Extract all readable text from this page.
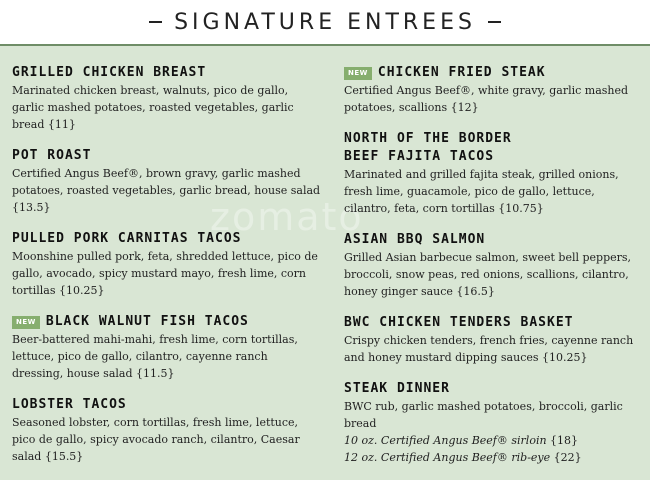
SIGNATURE ENTREES
zomato
GRILLED CHICKEN BREAST
Marinated chicken breast, walnuts, pico de gallo, garlic mashed potatoes, roasted vegetables, garlic bread {11}
POT ROAST
Certified Angus Beef®, brown gravy, garlic mashed potatoes, roasted vegetables, garlic bread, house salad {13.5}
PULLED PORK CARNITAS TACOS
Moonshine pulled pork, feta, shredded lettuce, pico de gallo, avocado, spicy mustard mayo, fresh lime, corn tortillas {10.25}
NEW BLACK WALNUT FISH TACOS
Beer-battered mahi-mahi, fresh lime, corn tortillas, lettuce, pico de gallo, cilantro, cayenne ranch dressing, house salad {11.5}
LOBSTER TACOS
Seasoned lobster, corn tortillas, fresh lime, lettuce, pico de gallo, spicy avocado ranch, cilantro, Caesar salad {15.5}
NEW CHICKEN FRIED STEAK
Certified Angus Beef®, white gravy, garlic mashed potatoes, scallions {12}
NORTH OF THE BORDER
BEEF FAJITA TACOS
Marinated and grilled fajita steak, grilled onions, fresh lime, guacamole, pico de gallo, lettuce, cilantro, feta, corn tortillas {10.75}
ASIAN BBQ SALMON
Grilled Asian barbecue salmon, sweet bell peppers, broccoli, snow peas, red onions, scallions, cilantro, honey ginger sauce {16.5}
BWC CHICKEN TENDERS BASKET
Crispy chicken tenders, french fries, cayenne ranch and honey mustard dipping sauces {10.25}
STEAK DINNER
BWC rub, garlic mashed potatoes, broccoli, garlic bread
10 oz. Certified Angus Beef® sirloin {18}
12 oz. Certified Angus Beef® rib-eye {22}
